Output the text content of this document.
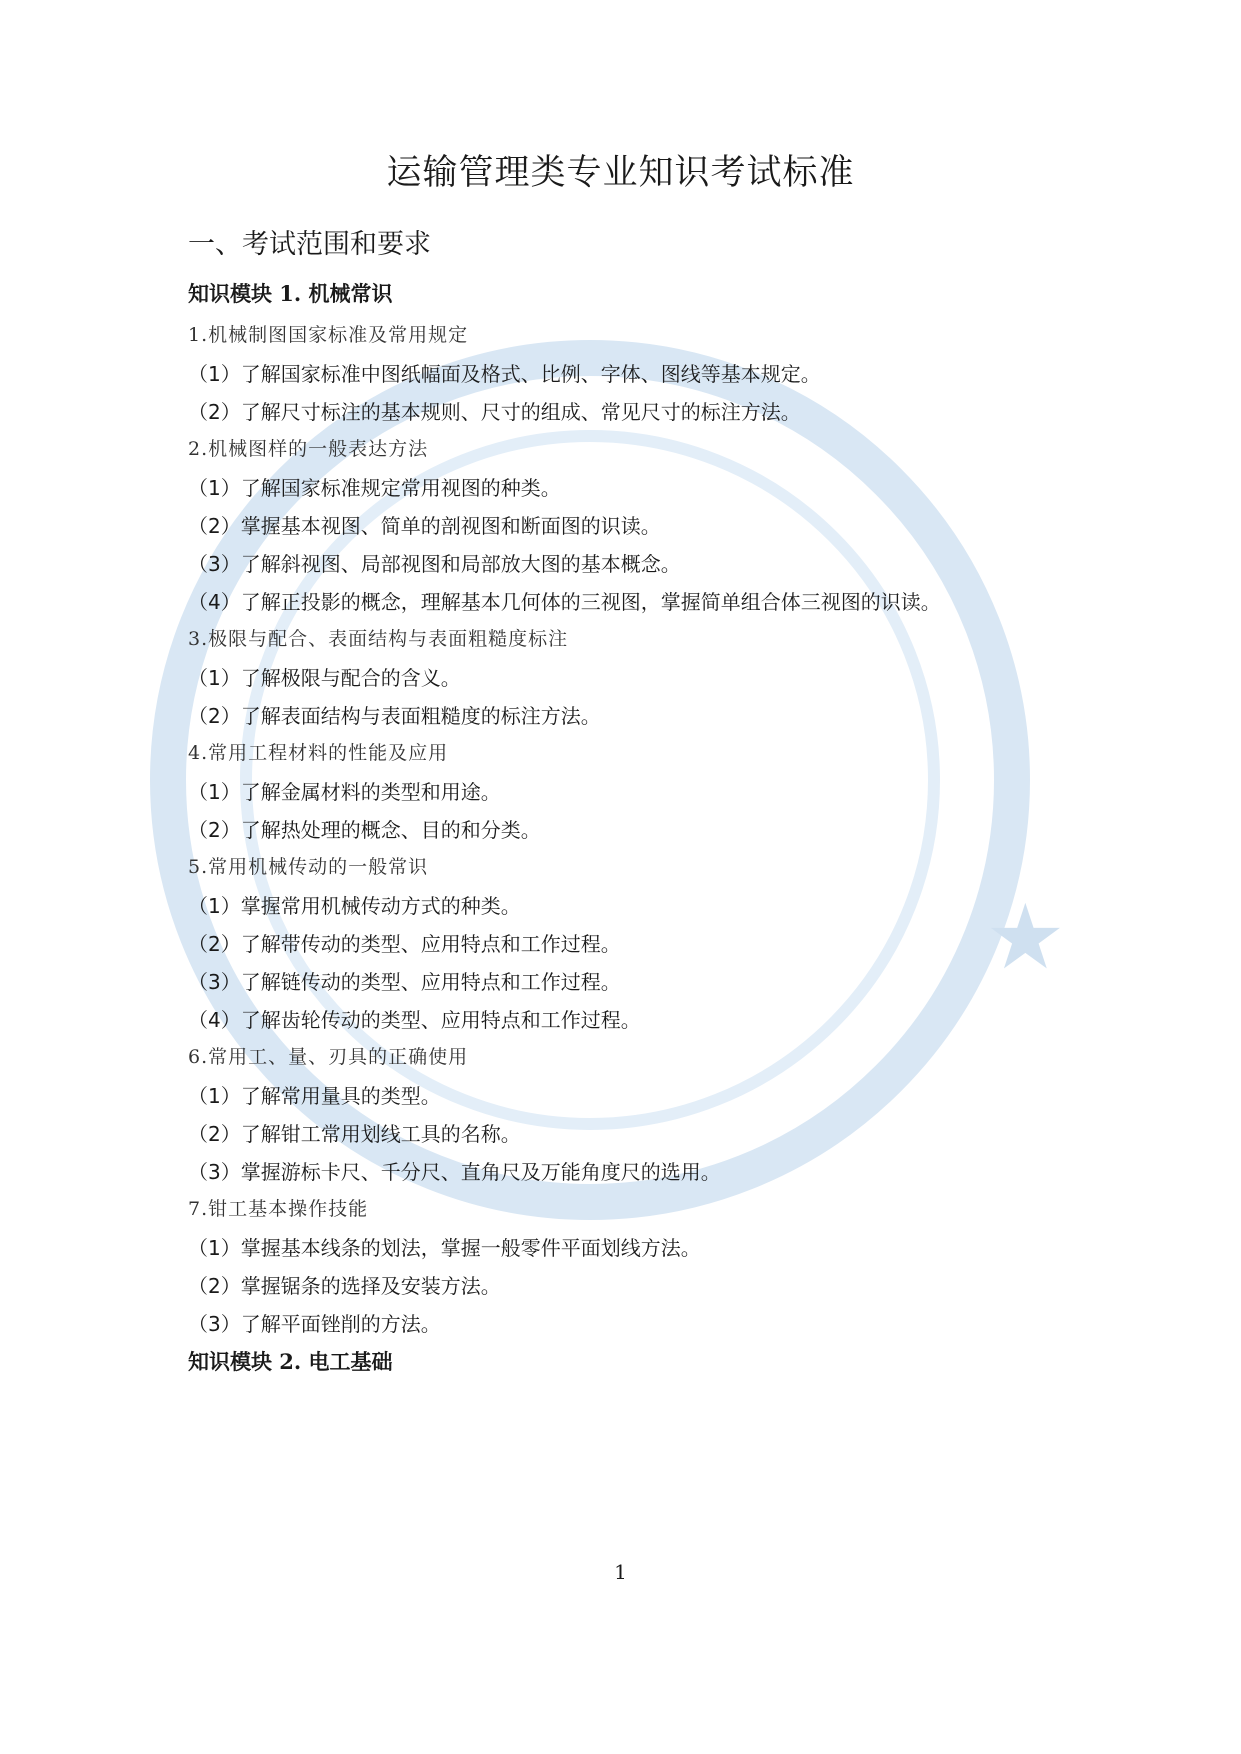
★
运输管理类专业知识考试标准
一、考试范围和要求
知识模块 1. 机械常识
1.机械制图国家标准及常用规定
（1）了解国家标准中图纸幅面及格式、比例、字体、图线等基本规定。
（2）了解尺寸标注的基本规则、尺寸的组成、常见尺寸的标注方法。
2.机械图样的一般表达方法
（1）了解国家标准规定常用视图的种类。
（2）掌握基本视图、简单的剖视图和断面图的识读。
（3）了解斜视图、局部视图和局部放大图的基本概念。
（4）了解正投影的概念，理解基本几何体的三视图，掌握简单组合体三视图的识读。
3.极限与配合、表面结构与表面粗糙度标注
（1）了解极限与配合的含义。
（2）了解表面结构与表面粗糙度的标注方法。
4.常用工程材料的性能及应用
（1）了解金属材料的类型和用途。
（2）了解热处理的概念、目的和分类。
5.常用机械传动的一般常识
（1）掌握常用机械传动方式的种类。
（2）了解带传动的类型、应用特点和工作过程。
（3）了解链传动的类型、应用特点和工作过程。
（4）了解齿轮传动的类型、应用特点和工作过程。
6.常用工、量、刃具的正确使用
（1）了解常用量具的类型。
（2）了解钳工常用划线工具的名称。
（3）掌握游标卡尺、千分尺、直角尺及万能角度尺的选用。
7.钳工基本操作技能
（1）掌握基本线条的划法，掌握一般零件平面划线方法。
（2）掌握锯条的选择及安装方法。
（3）了解平面锉削的方法。
知识模块 2. 电工基础
1
